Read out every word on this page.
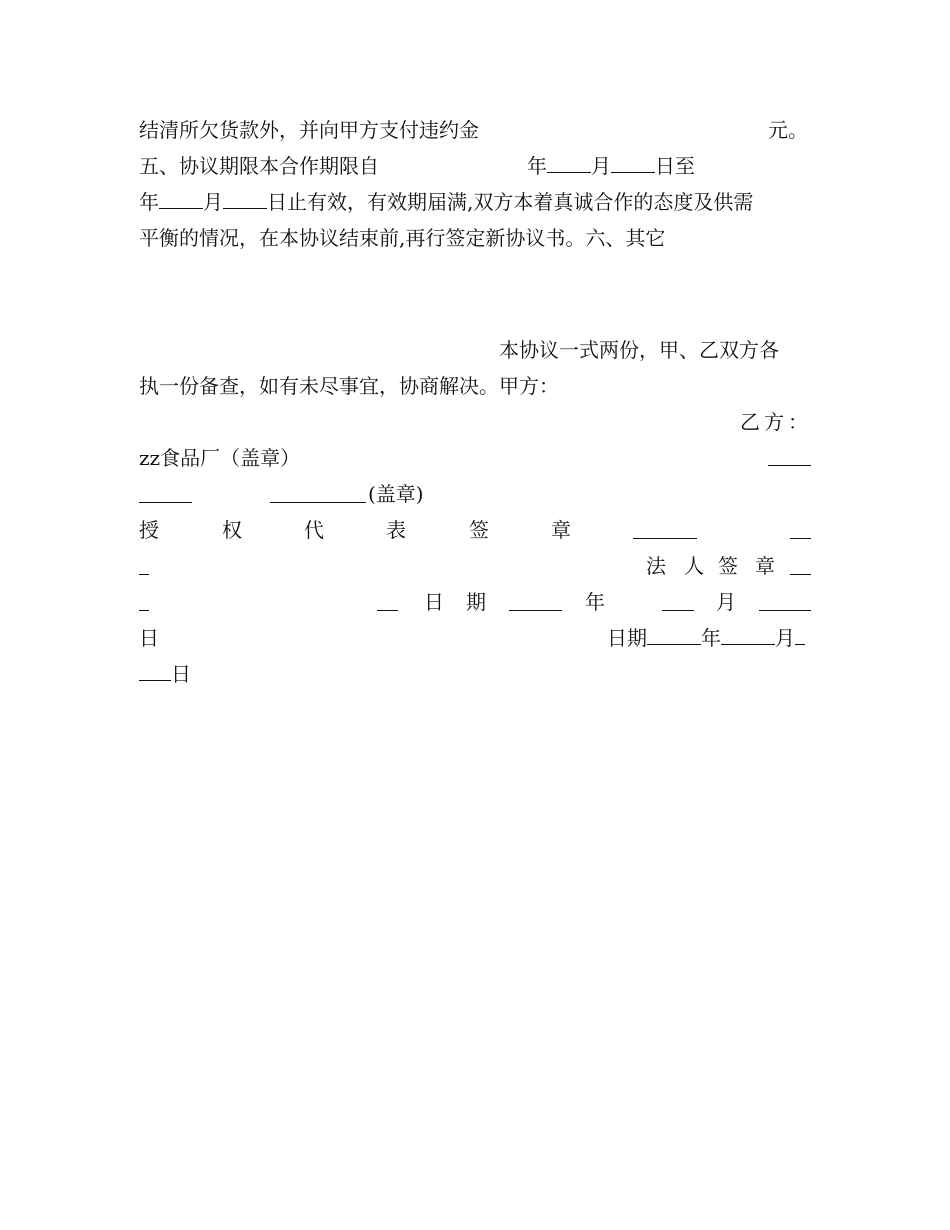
结清所欠货款外，并向甲方支付违约金	元。
五、协议期限本合作期限自	年 月 日至
年 月 日止有效，有效期届满,双方本着真诚合作的态度及供需
平衡的情况，在本协议结束前,再行签定新协议书。六、其它
本协议一式两份，甲、乙双方各
执一份备查，如有未尽事宜，协商解决。甲方：
乙方：
zz食品厂（盖章）
(盖章)
授	权	代	表	签	章
法 人 签 章
日 期	年	月
日	日期	年	月
日
